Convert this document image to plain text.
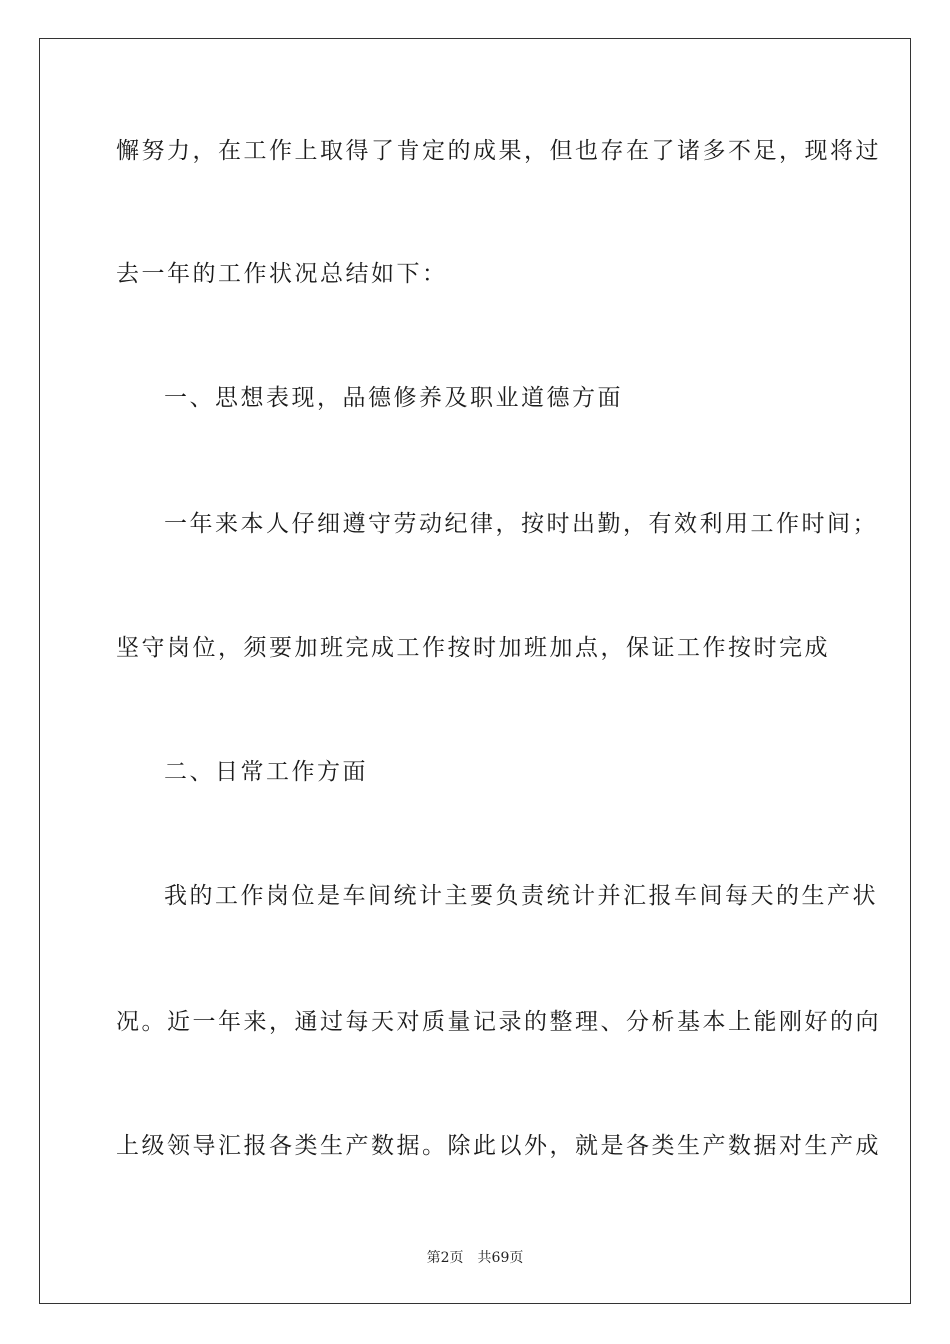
懈努力，在工作上取得了肯定的成果，但也存在了诸多不足，现将过
去一年的工作状况总结如下：
一、思想表现，品德修养及职业道德方面
一年来本人仔细遵守劳动纪律，按时出勤，有效利用工作时间；
坚守岗位，须要加班完成工作按时加班加点，保证工作按时完成
二、日常工作方面
我的工作岗位是车间统计主要负责统计并汇报车间每天的生产状
况。近一年来，通过每天对质量记录的整理、分析基本上能刚好的向
上级领导汇报各类生产数据。除此以外，就是各类生产数据对生产成
第2页 共69页
